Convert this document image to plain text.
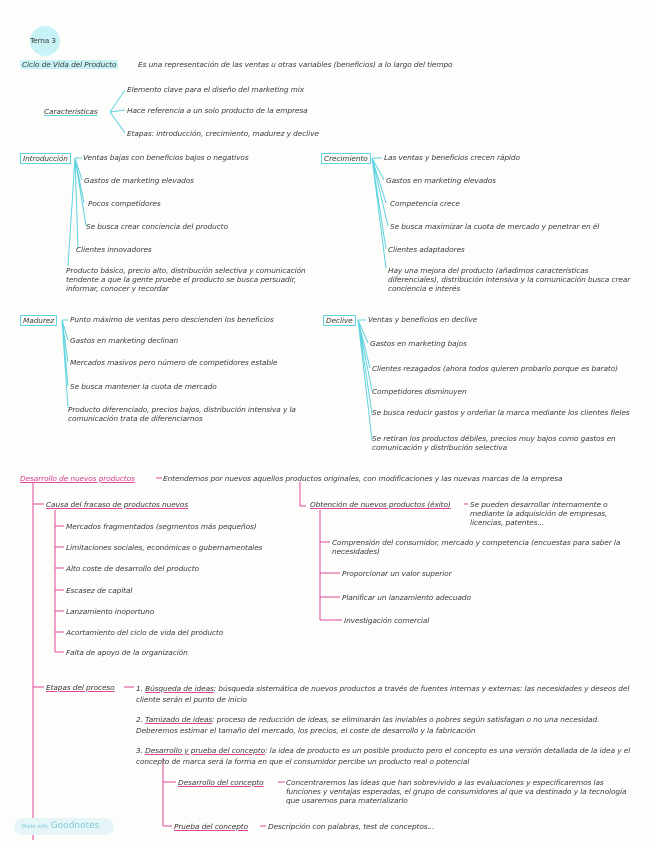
Tema 3
Ciclo de Vida del Producto	Es una representación de las ventas u otras variables (beneficios) a lo largo del tiempo
Caracteristicas
Elemento clave para el diseño del marketing mix
Hace referencia a un solo producto de la empresa
Etapas: introducción, crecimiento, madurez y declive
Introducción	Ventas bajas con beneficios bajos o negativos
Gastos de marketing elevados
Pocos competidores
Se busca crear conciencia del producto
Clientes innovadores
Producto básico, precio alto, distribución selectiva y comunicación tendente a que la gente pruebe el producto se busca persuadir, informar, conocer y recordar
Crecimiento	Las ventas y beneficios crecen rápido
Gastos en marketing elevados
Competencia crece
Se busca maximizar la cuota de mercado y penetrar en él
Clientes adaptadores
Hay una mejora del producto (añadimos características diferenciales), distribución intensiva y la comunicación busca crear conciencia e interés
Madurez	Punto máximo de ventas pero descienden los beneficios
Gastos en marketing declinan
Mercados masivos pero número de competidores estable
Se busca mantener la cuota de mercado
Producto diferenciado, precios bajos, distribución intensiva y la comunicación trata de diferenciarnos
Declive	Ventas y beneficios en declive
Gastos en marketing bajos
Clientes rezagados (ahora todos quieren probarlo porque es barato)
Competidores disminuyen
Se busca reducir gastos y ordeñar la marca mediante los clientes fieles
Se retiran los productos débiles, precios muy bajos como gastos en comunicación y distribución selectiva
Desarrollo de nuevos productos	Entendemos por nuevos aquellos productos originales, con modificaciones y las nuevas marcas de la empresa
Causa del fracaso de productos nuevos
Mercados fragmentados (segmentos más pequeños)
Limitaciones sociales, económicas o gubernamentales
Alto coste de desarrollo del producto
Escasez de capital
Lanzamiento inoportuno
Acortamiento del ciclo de vida del producto
Falta de apoyo de la organización
Obtención de nuevos productos (éxito)	Se pueden desarrollar internamente o mediante la adquisición de empresas, licencias, patentes...
Comprensión del consumidor, mercado y competencia (encuestas para saber la necesidades)
Proporcionar un valor superior
Planificar un lanzamiento adecuado
Investigación comercial
Etapas del proceso	1. Búsqueda de ideas: búsqueda sistemática de nuevos productos a través de fuentes internas y externas: las necesidades y deseos del cliente serán el punto de inicio
2. Tamizado de ideas: proceso de reducción de ideas, se eliminarán las inviables o pobres según satisfagan o no una necesidad. Deberemos estimar el tamaño del mercado, los precios, el coste de desarrollo y la fabricación
3. Desarrollo y prueba del concepto: la idea de producto es un posible producto pero el concepto es una versión detallada de la idea y el concepto de marca será la forma en que el consumidor percibe un producto real o potencial
Desarrollo del concepto	Concentraremos las ideas que han sobrevivido a las evaluaciones y especificaremos las funciones y ventajas esperadas, el grupo de consumidores al que va destinado y la tecnología que usaremos para materializarlo
Prueba del concepto	Descripción con palabras, test de conceptos...
Made with Goodnotes
